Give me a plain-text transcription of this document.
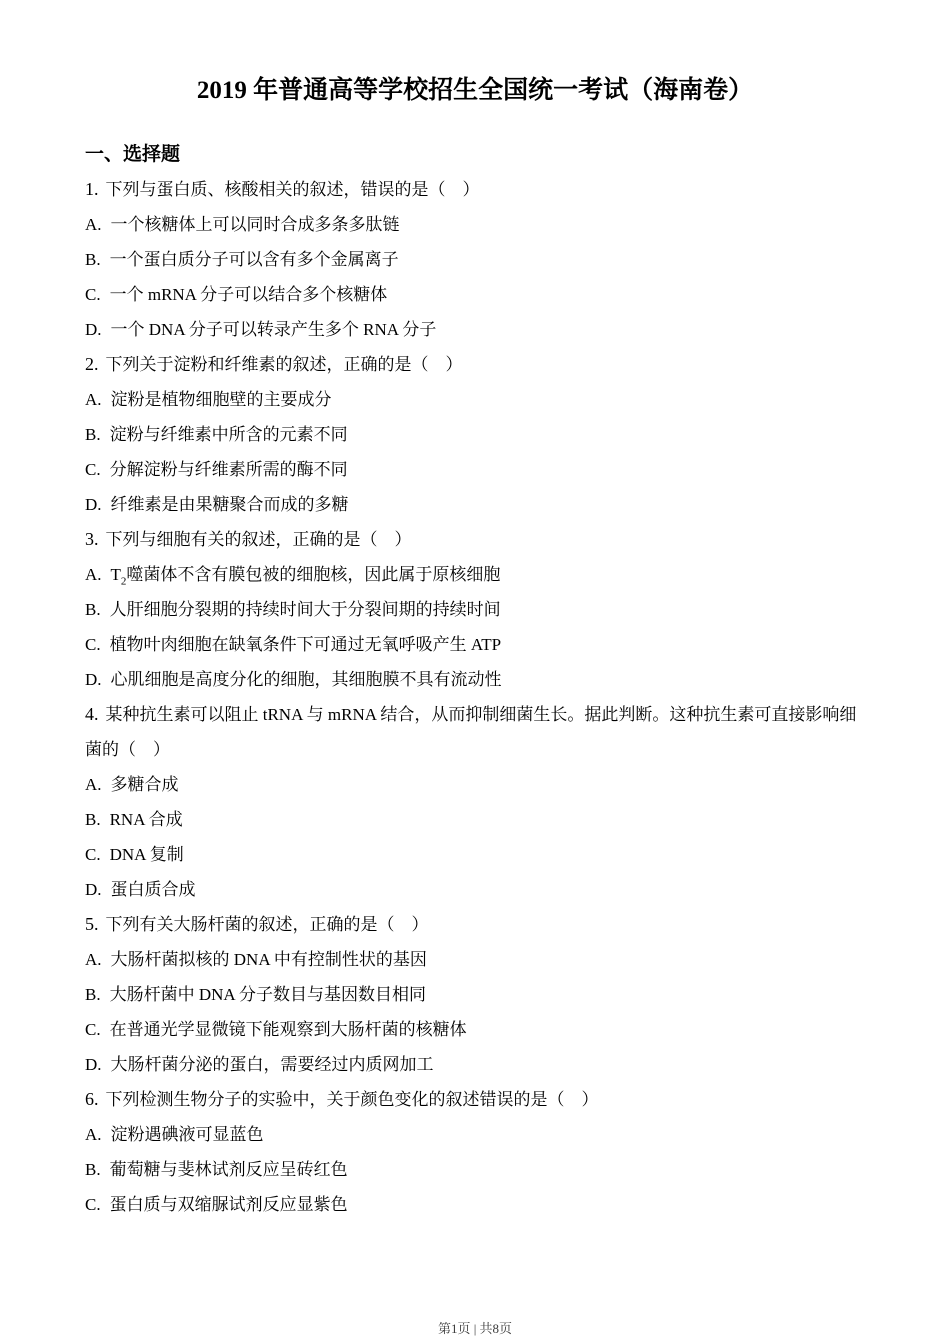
2019 年普通高等学校招生全国统一考试（海南卷）
一、选择题
1. 下列与蛋白质、核酸相关的叙述，错误的是（　）
A. 一个核糖体上可以同时合成多条多肽链
B. 一个蛋白质分子可以含有多个金属离子
C. 一个 mRNA 分子可以结合多个核糖体
D. 一个 DNA 分子可以转录产生多个 RNA 分子
2. 下列关于淀粉和纤维素的叙述，正确的是（　）
A. 淀粉是植物细胞壁的主要成分
B. 淀粉与纤维素中所含的元素不同
C. 分解淀粉与纤维素所需的酶不同
D. 纤维素是由果糖聚合而成的多糖
3. 下列与细胞有关的叙述，正确的是（　）
A. $T_2$噬菌体不含有膜包被的细胞核，因此属于原核细胞
B. 人肝细胞分裂期的持续时间大于分裂间期的持续时间
C. 植物叶肉细胞在缺氧条件下可通过无氧呼吸产生 ATP
D. 心肌细胞是高度分化的细胞，其细胞膜不具有流动性
4. 某种抗生素可以阻止 tRNA 与 mRNA 结合，从而抑制细菌生长。据此判断。这种抗生素可直接影响细菌的（　）
A. 多糖合成
B. RNA 合成
C. DNA 复制
D. 蛋白质合成
5. 下列有关大肠杆菌的叙述，正确的是（　）
A. 大肠杆菌拟核的 DNA 中有控制性状的基因
B. 大肠杆菌中 DNA 分子数目与基因数目相同
C. 在普通光学显微镜下能观察到大肠杆菌的核糖体
D. 大肠杆菌分泌的蛋白，需要经过内质网加工
6. 下列检测生物分子的实验中，关于颜色变化的叙述错误的是（　）
A. 淀粉遇碘液可显蓝色
B. 葡萄糖与斐林试剂反应呈砖红色
C. 蛋白质与双缩脲试剂反应显紫色
第1页 | 共8页
